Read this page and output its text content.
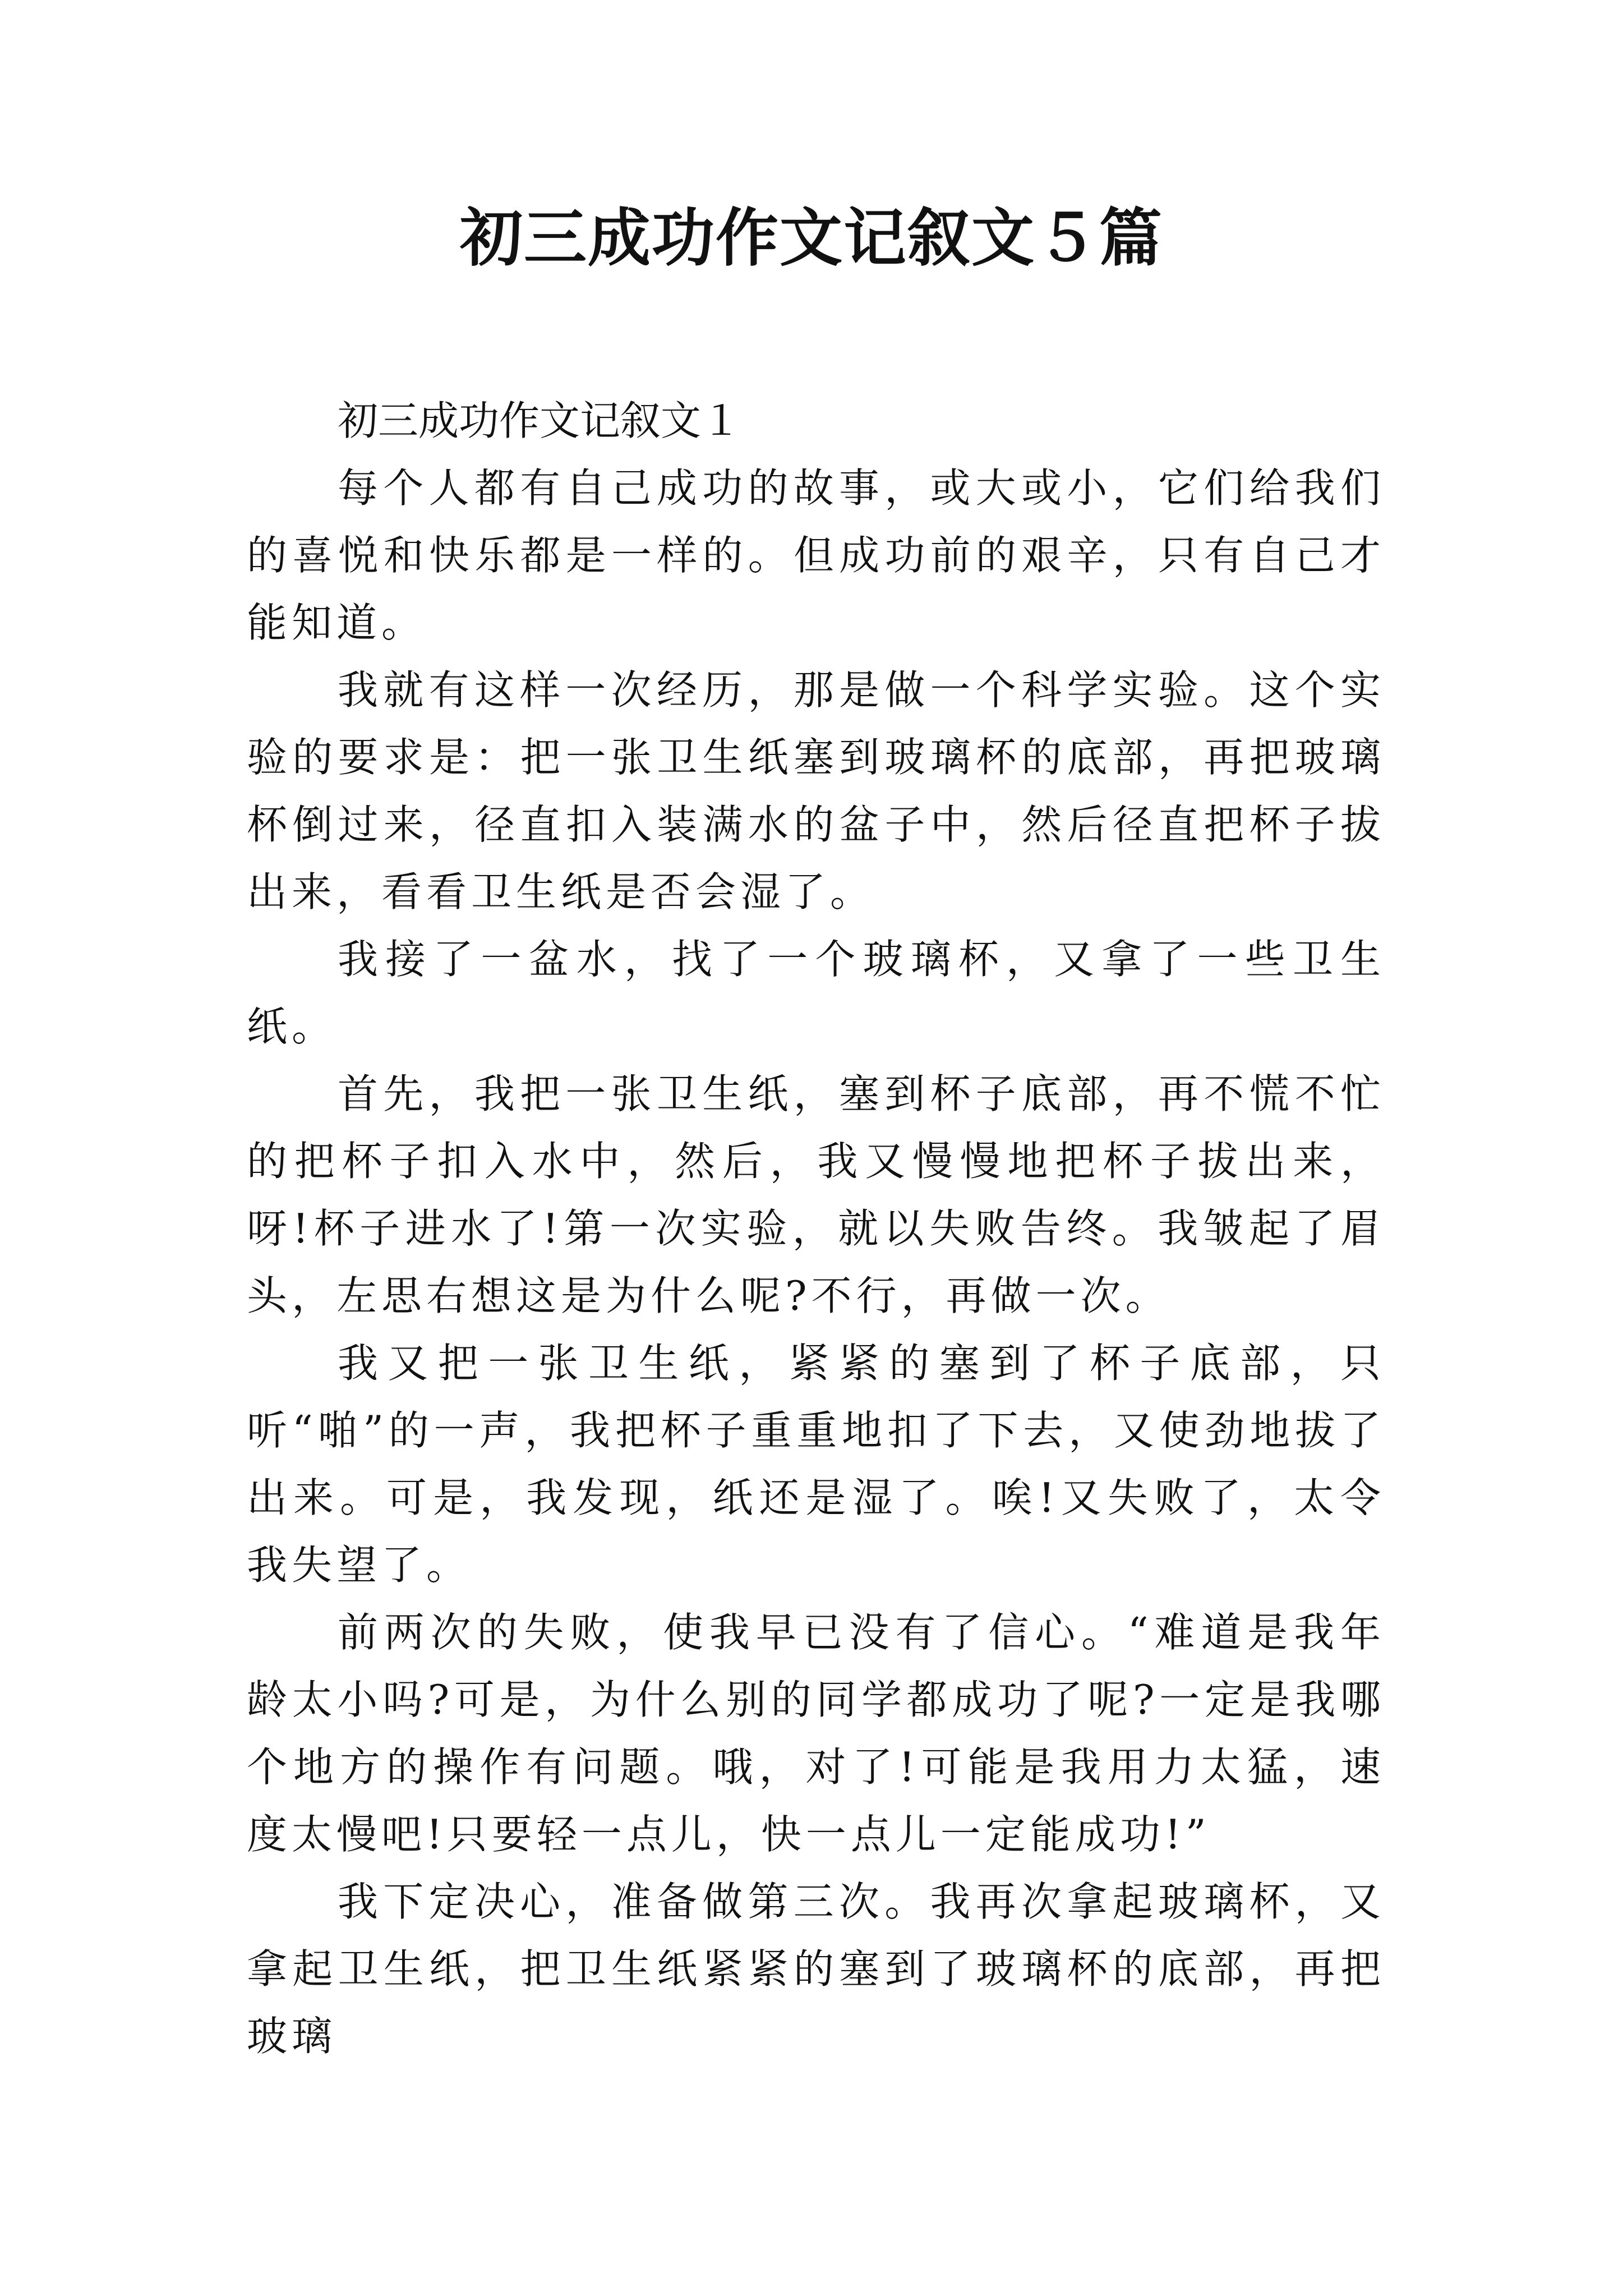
初三成功作文记叙文５篇

初三成功作文记叙文１

每个人都有自己成功的故事，或大或小，它们给我们的喜悦和快乐都是一样的。但成功前的艰辛，只有自己才能知道。

我就有这样一次经历，那是做一个科学实验。这个实验的要求是：把一张卫生纸塞到玻璃杯的底部，再把玻璃杯倒过来，径直扣入装满水的盆子中，然后径直把杯子拔出来，看看卫生纸是否会湿了。

我接了一盆水，找了一个玻璃杯，又拿了一些卫生纸。

首先，我把一张卫生纸，塞到杯子底部，再不慌不忙的把杯子扣入水中，然后，我又慢慢地把杯子拔出来，呀!杯子进水了!第一次实验，就以失败告终。我皱起了眉头，左思右想这是为什么呢?不行，再做一次。

我又把一张卫生纸，紧紧的塞到了杯子底部，只听“啪”的一声，我把杯子重重地扣了下去，又使劲地拔了出来。可是，我发现，纸还是湿了。唉!又失败了，太令我失望了。

前两次的失败，使我早已没有了信心。“难道是我年龄太小吗?可是，为什么别的同学都成功了呢?一定是我哪个地方的操作有问题。哦，对了!可能是我用力太猛，速度太慢吧!只要轻一点儿，快一点儿一定能成功!”

我下定决心，准备做第三次。我再次拿起玻璃杯，又拿起卫生纸，把卫生纸紧紧的塞到了玻璃杯的底部，再把玻璃
